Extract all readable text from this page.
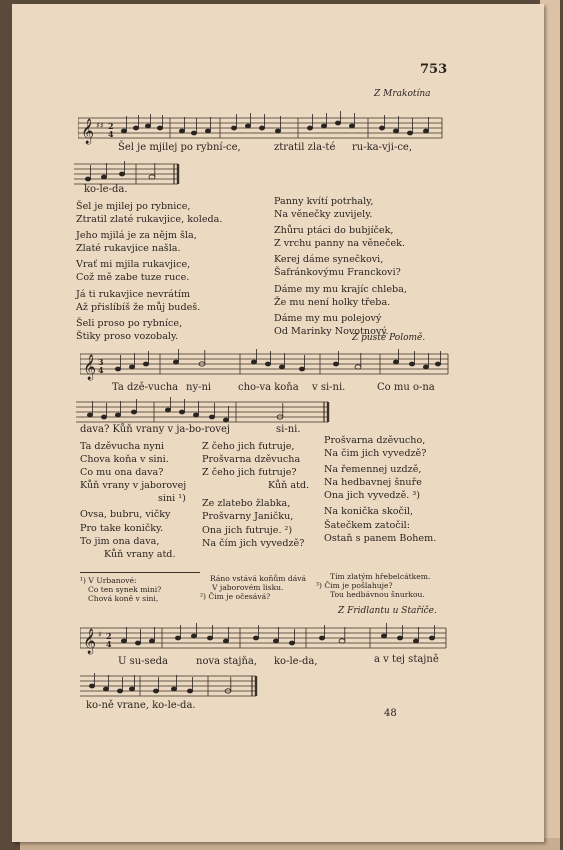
753
Z Mrakotína
𝄞 ♯♯ 2
4
Šel je mjilej po rybní-ce,	ztratil zla-té ru-ka-vji-ce,
ko-le-da.
Šel je mjilej po rybnice,
Ztratil zlaté rukavjice, koleda.
Jeho mjilá je za nějm šla,
Zlaté rukavjice našla.
Vrať mi mjila rukavjice,
Což mě zabe tuze ruce.
Já ti rukavjice nevrátím
Až přislíbíš že můj budeš.
Šeli proso po rybníce,
Štiky proso vozobaly.
Panny kvítí potrhaly,
Na věnečky zuvijely.
Zhůru ptáci do bubjíček,
Z vrchu panny na věneček.
Kerej dáme synečkovi,
Šafránkovýmu Franckovi?
Dáme my mu krajíc chleba,
Že mu není holky třeba.
Dáme my mu polejový
Od Marinky Novotnový.
Z pusté Polomě.
𝄞 3
4
Ta dzě-vucha ny-ni	cho-va koňa v si-ni.	Co mu o-na
dava? Kůň vrany v ja-bo-rovej	si-ni.
Ta dzěvucha nyni
Chova koňa v sini.
Co mu ona dava?
Kůň vrany v jaborovej
sini ¹)
Ovsa, bubru, vičky
Pro take koničky.
To jim ona dava,
Kůň vrany atd.
Z čeho jich futruje,
Prošvarna dzěvucha
Z čeho jich futruje?
Kůň atd.
Ze zlatebo žlabka,
Prošvarny Janičku,
Ona jich futruje. ²)
Na čím jich vyvedzě?
Prošvarna dzěvucho,
Na čim jich vyvedzě?
Na řemennej uzdzě,
Na hedbavnej šnuře
Ona jich vyvedzě. ³)
Na konička skočil,
Šatečkem zatočil:
Ostaň s panem Bohem.
¹) V Urbanové:
Co ten synek mini?
Chová koně v sini,
Ráno vstává koňům dává
V jaborovém lisku.
²) Čim je očesává?
Tím zlatým hřebelcátkem.
³) Čim je pošlahuje?
Tou hedbávnou šnurkou.
Z Fridlantu u Staříče.
𝄞 ♯ 2
4
U su-seda	nova stajňa, ko-le-da,	a v tej stajně
ko-ně vrane, ko-le-da.
48
